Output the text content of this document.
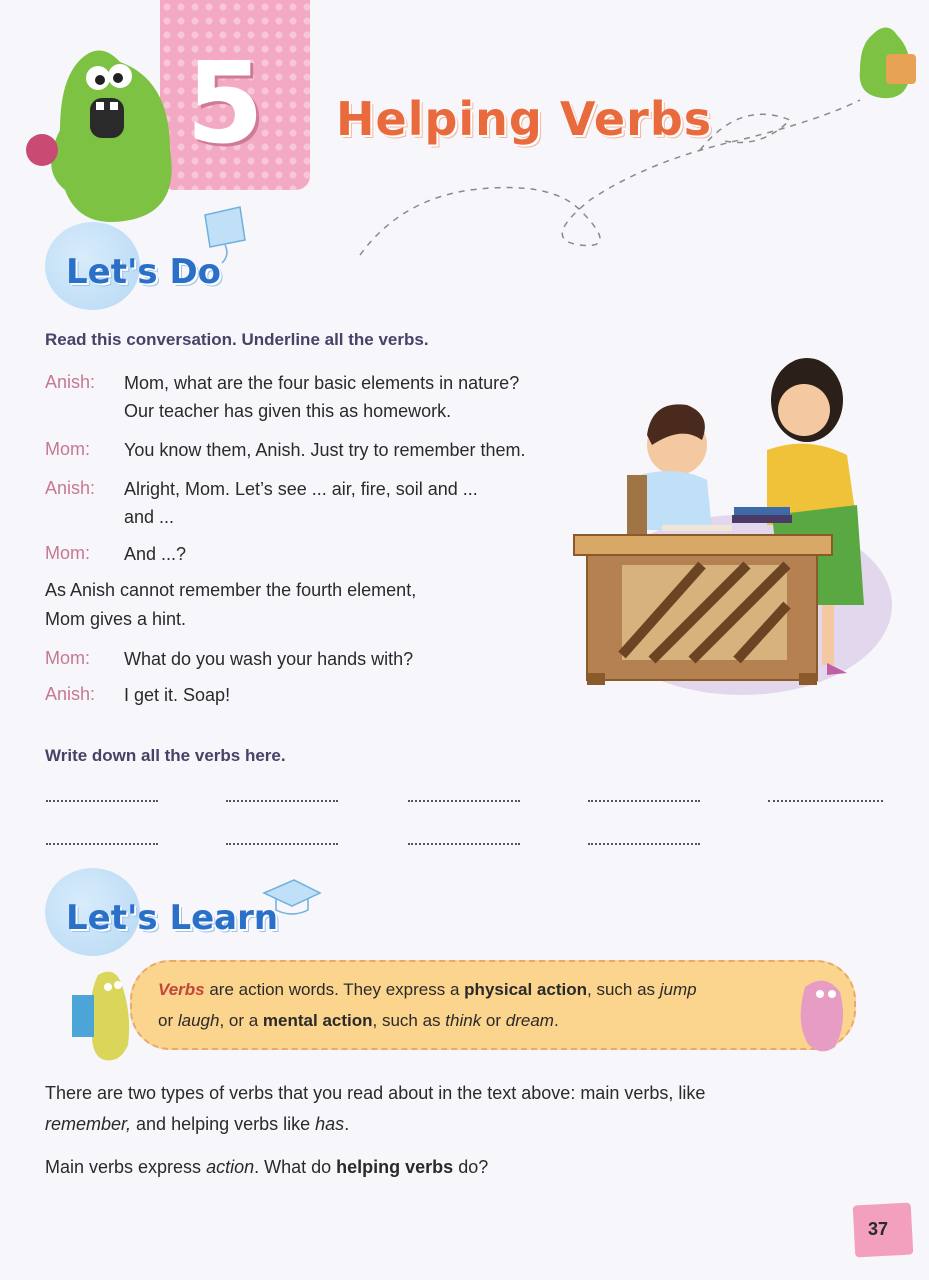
5 Helping Verbs
Let's Do
Read this conversation. Underline all the verbs.
Anish:	Mom, what are the four basic elements in nature?
Our teacher has given this as homework.
Mom:	You know them, Anish. Just try to remember them.
Anish:	Alright, Mom. Let’s see ... air, fire, soil and ...
and ...
Mom:	And ...?
As Anish cannot remember the fourth element,
Mom gives a hint.
Mom:	What do you wash your hands with?
Anish:	I get it. Soap!
Write down all the verbs here.
Let's Learn
Verbs are action words. They express a physical action, such as jump
or laugh, or a mental action, such as think or dream.
There are two types of verbs that you read about in the text above: main verbs, like
remember, and helping verbs like has.
Main verbs express action. What do helping verbs do?
37
